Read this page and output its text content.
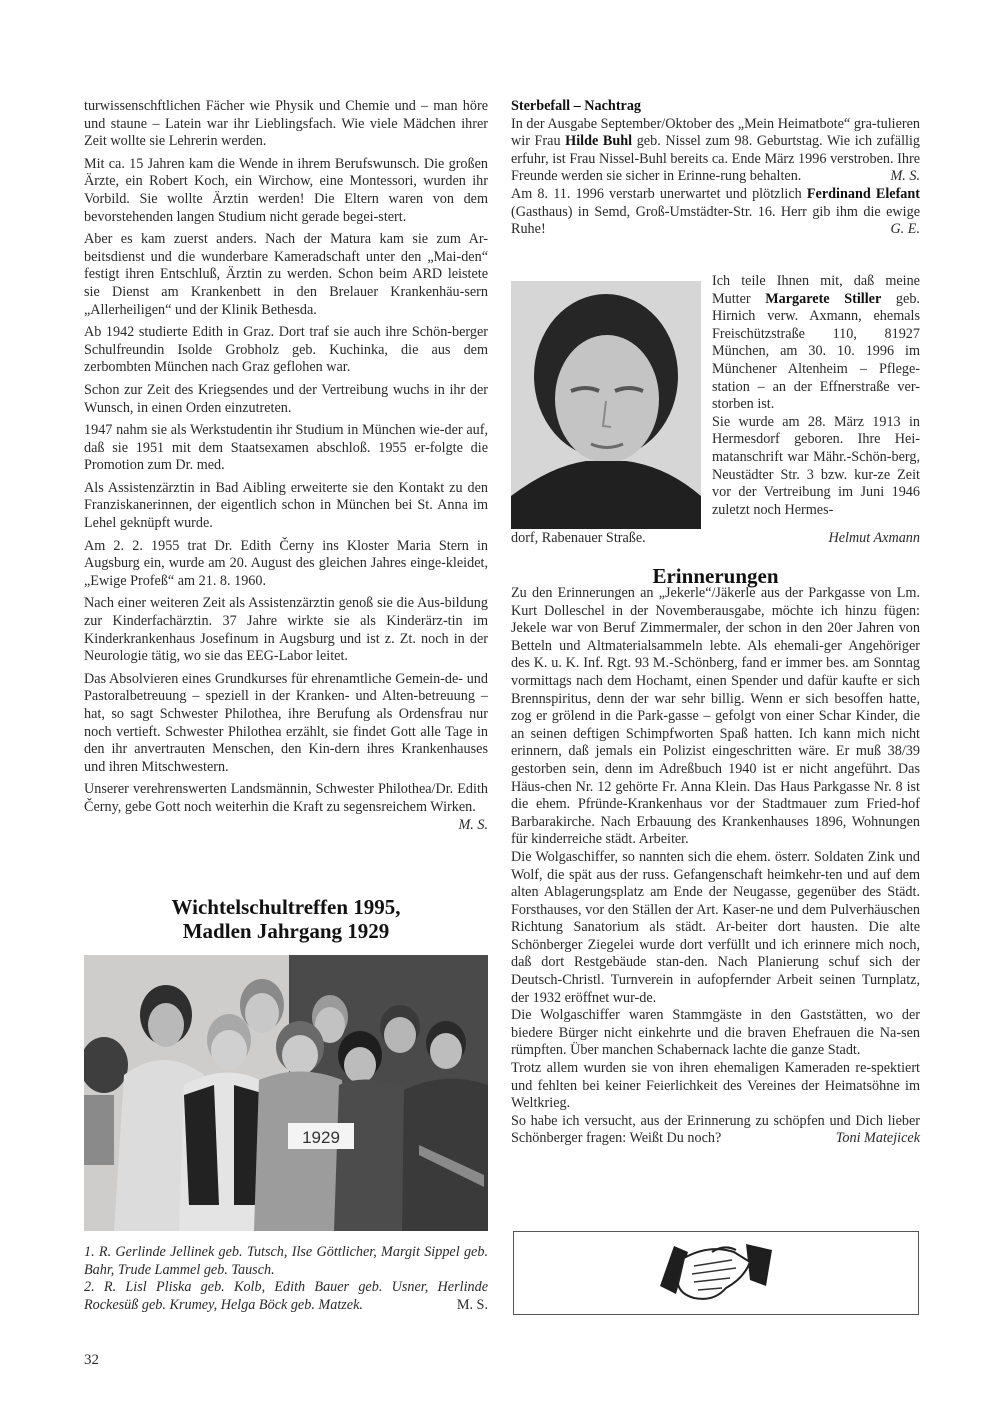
turwissenschftlichen Fächer wie Physik und Chemie und – man höre und staune – Latein war ihr Lieblingsfach. Wie viele Mädchen ihrer Zeit wollte sie Lehrerin werden.

Mit ca. 15 Jahren kam die Wende in ihrem Berufswunsch. Die großen Ärzte, ein Robert Koch, ein Wirchow, eine Montessori, wurden ihr Vorbild. Sie wollte Ärztin werden! Die Eltern waren von dem bevorstehenden langen Studium nicht gerade begei-stert.

Aber es kam zuerst anders. Nach der Matura kam sie zum Ar-beitsdienst und die wunderbare Kameradschaft unter den „Mai-den“ festigt ihren Entschluß, Ärztin zu werden. Schon beim ARD leistete sie Dienst am Krankenbett in den Brelauer Krankenhäu-sern „Allerheiligen“ und der Klinik Bethesda.

Ab 1942 studierte Edith in Graz. Dort traf sie auch ihre Schön-berger Schulfreundin Isolde Grobholz geb. Kuchinka, die aus dem zerbombten München nach Graz geflohen war.

Schon zur Zeit des Kriegsendes und der Vertreibung wuchs in ihr der Wunsch, in einen Orden einzutreten.

1947 nahm sie als Werkstudentin ihr Studium in München wie-der auf, daß sie 1951 mit dem Staatsexamen abschloß. 1955 er-folgte die Promotion zum Dr. med.

Als Assistenzärztin in Bad Aibling erweiterte sie den Kontakt zu den Franziskanerinnen, der eigentlich schon in München bei St. Anna im Lehel geknüpft wurde.

Am 2. 2. 1955 trat Dr. Edith Černy ins Kloster Maria Stern in Augsburg ein, wurde am 20. August des gleichen Jahres einge-kleidet, „Ewige Profeß“ am 21. 8. 1960.

Nach einer weiteren Zeit als Assistenzärztin genoß sie die Aus-bildung zur Kinderfachärztin. 37 Jahre wirkte sie als Kinderärz-tin im Kinderkrankenhaus Josefinum in Augsburg und ist z. Zt. noch in der Neurologie tätig, wo sie das EEG-Labor leitet.

Das Absolvieren eines Grundkurses für ehrenamtliche Gemein-de- und Pastoralbetreuung – speziell in der Kranken- und Alten-betreuung – hat, so sagt Schwester Philothea, ihre Berufung als Ordensfrau nur noch vertieft. Schwester Philothea erzählt, sie findet Gott alle Tage in den ihr anvertrauten Menschen, den Kin-dern ihres Krankenhauses und ihren Mitschwestern.

Unserer verehrenswerten Landsmännin, Schwester Philothea/Dr. Edith Černy, gebe Gott noch weiterhin die Kraft zu segensreichem Wirken.
M. S.

Wichtelschultreffen 1995,
Madlen Jahrgang 1929
1929
1. R. Gerlinde Jellinek geb. Tutsch, Ilse Göttlicher, Margit Sippel geb. Bahr, Trude Lammel geb. Tausch.
2. R. Lisl Pliska geb. Kolb, Edith Bauer geb. Usner, Herlinde Rockesüß geb. Krumey, Helga Böck geb. Matzek.	M. S.

Sterbefall – Nachtrag

In der Ausgabe September/Oktober des „Mein Heimatbote“ gra-tulieren wir Frau Hilde Buhl geb. Nissel zum 98. Geburtstag. Wie ich zufällig erfuhr, ist Frau Nissel-Buhl bereits ca. Ende März 1996 verstroben. Ihre Freunde werden sie sicher in Erinne-rung behalten.	M. S.

Am 8. 11. 1996 verstarb unerwartet und plötzlich Ferdinand Elefant (Gasthaus) in Semd, Groß-Umstädter-Str. 16. Herr gib ihm die ewige Ruhe!	G. E.

Ich teile Ihnen mit, daß meine Mutter Margarete Stiller geb. Hirnich verw. Axmann, ehemals Freischützstraße 110, 81927 München, am 30. 10. 1996 im Münchener Altenheim – Pflege-station – an der Effnerstraße ver-storben ist.
Sie wurde am 28. März 1913 in Hermesdorf geboren. Ihre Hei-matanschrift war Mähr.-Schön-berg, Neustädter Str. 3 bzw. kur-ze Zeit vor der Vertreibung im Juni 1946 zuletzt noch Hermes-
dorf, Rabenauer Straße.	Helmut Axmann
Erinnerungen

Zu den Erinnerungen an „Jekerle“/Jäkerle aus der Parkgasse von Lm. Kurt Dolleschel in der Novemberausgabe, möchte ich hinzu fügen: Jekele war von Beruf Zimmermaler, der schon in den 20er Jahren von Betteln und Altmaterialsammeln lebte. Als ehemali-ger Angehöriger des K. u. K. Inf. Rgt. 93 M.-Schönberg, fand er immer bes. am Sonntag vormittags nach dem Hochamt, einen Spender und dafür kaufte er sich Brennspiritus, denn der war sehr billig. Wenn er sich besoffen hatte, zog er grölend in die Park-gasse – gefolgt von einer Schar Kinder, die an seinen deftigen Schimpfworten Spaß hatten. Ich kann mich nicht erinnern, daß jemals ein Polizist eingeschritten wäre. Er muß 38/39 gestorben sein, denn im Adreßbuch 1940 ist er nicht angeführt. Das Häus-chen Nr. 12 gehörte Fr. Anna Klein. Das Haus Parkgasse Nr. 8 ist die ehem. Pfründe-Krankenhaus vor der Stadtmauer zum Fried-hof Barbarakirche. Nach Erbauung des Krankenhauses 1896, Wohnungen für kinderreiche städt. Arbeiter.

Die Wolgaschiffer, so nannten sich die ehem. österr. Soldaten Zink und Wolf, die spät aus der russ. Gefangenschaft heimkehr-ten und auf dem alten Ablagerungsplatz am Ende der Neugasse, gegenüber des Städt. Forsthauses, vor den Ställen der Art. Kaser-ne und dem Pulverhäuschen Richtung Sanatorium als städt. Ar-beiter dort hausten. Die alte Schönberger Ziegelei wurde dort verfüllt und ich erinnere mich noch, daß dort Restgebäude stan-den. Nach Planierung schuf sich der Deutsch-Christl. Turnverein in aufopfernder Arbeit seinen Turnplatz, der 1932 eröffnet wur-de.

Die Wolgaschiffer waren Stammgäste in den Gaststätten, wo der biedere Bürger nicht einkehrte und die braven Ehefrauen die Na-sen rümpften. Über manchen Schabernack lachte die ganze Stadt.

Trotz allem wurden sie von ihren ehemaligen Kameraden re-spektiert und fehlten bei keiner Feierlichkeit des Vereines der Heimatsöhne im Weltkrieg.

So habe ich versucht, aus der Erinnerung zu schöpfen und Dich lieber Schönberger fragen: Weißt Du noch?	Toni Matejicek

32
